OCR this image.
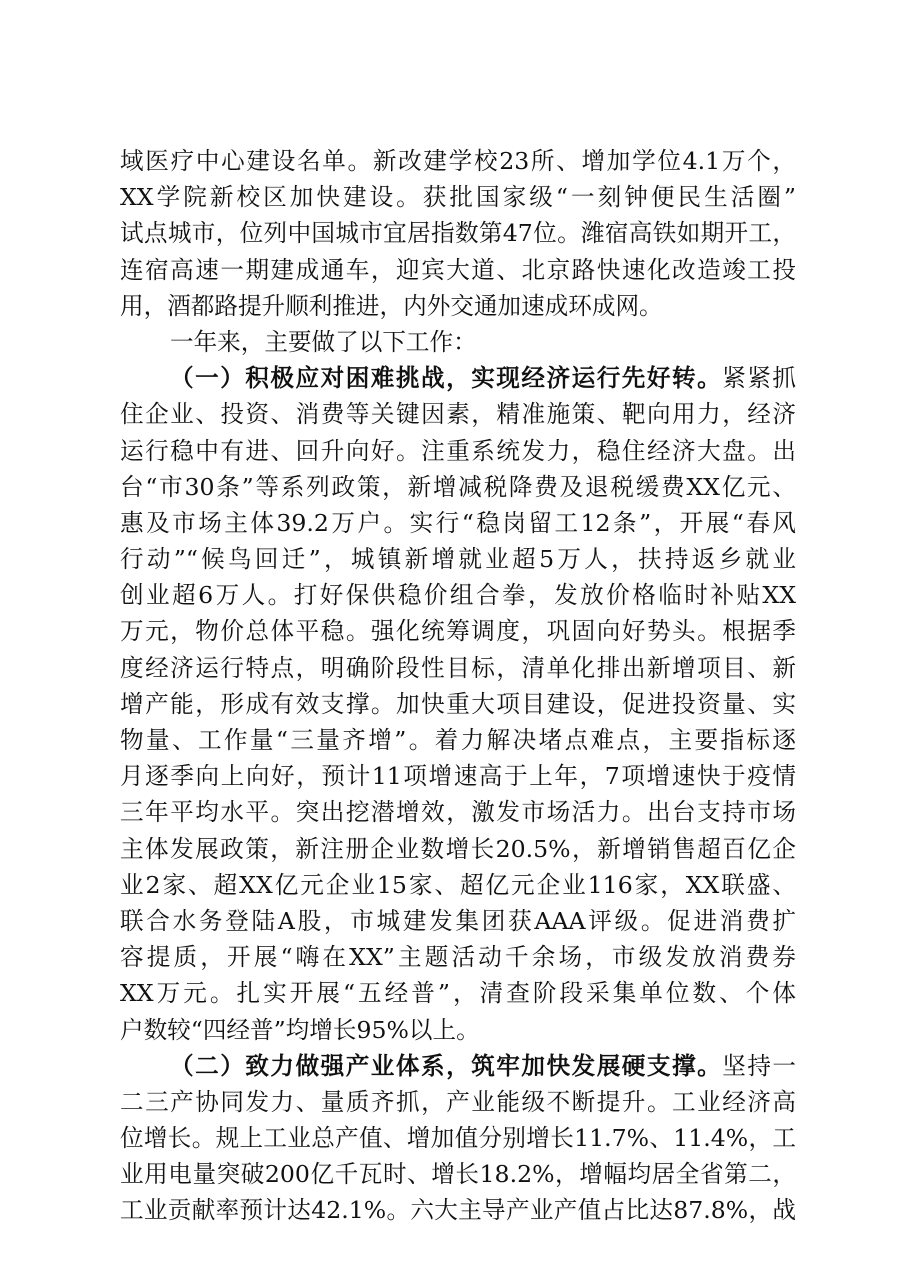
域医疗中心建设名单。新改建学校23所、增加学位4.1万个，
XX学院新校区加快建设。获批国家级“一刻钟便民生活圈”
试点城市，位列中国城市宜居指数第47位。潍宿高铁如期开工，
连宿高速一期建成通车，迎宾大道、北京路快速化改造竣工投
用，酒都路提升顺利推进，内外交通加速成环成网。
一年来，主要做了以下工作：
（一）积极应对困难挑战，实现经济运行先好转。紧紧抓
住企业、投资、消费等关键因素，精准施策、靶向用力，经济
运行稳中有进、回升向好。注重系统发力，稳住经济大盘。出
台“市30条”等系列政策，新增减税降费及退税缓费XX亿元、
惠及市场主体39.2万户。实行“稳岗留工12条”，开展“春风
行动”“候鸟回迁”，城镇新增就业超5万人，扶持返乡就业
创业超6万人。打好保供稳价组合拳，发放价格临时补贴XX
万元，物价总体平稳。强化统筹调度，巩固向好势头。根据季
度经济运行特点，明确阶段性目标，清单化排出新增项目、新
增产能，形成有效支撑。加快重大项目建设，促进投资量、实
物量、工作量“三量齐增”。着力解决堵点难点，主要指标逐
月逐季向上向好，预计11项增速高于上年，7项增速快于疫情
三年平均水平。突出挖潜增效，激发市场活力。出台支持市场
主体发展政策，新注册企业数增长20.5%，新增销售超百亿企
业2家、超XX亿元企业15家、超亿元企业116家，XX联盛、
联合水务登陆A股，市城建发集团获AAA评级。促进消费扩
容提质，开展“嗨在XX”主题活动千余场，市级发放消费券
XX万元。扎实开展“五经普”，清查阶段采集单位数、个体
户数较“四经普”均增长95%以上。
（二）致力做强产业体系，筑牢加快发展硬支撑。坚持一
二三产协同发力、量质齐抓，产业能级不断提升。工业经济高
位增长。规上工业总产值、增加值分别增长11.7%、11.4%，工
业用电量突破200亿千瓦时、增长18.2%，增幅均居全省第二，
工业贡献率预计达42.1%。六大主导产业产值占比达87.8%，战
